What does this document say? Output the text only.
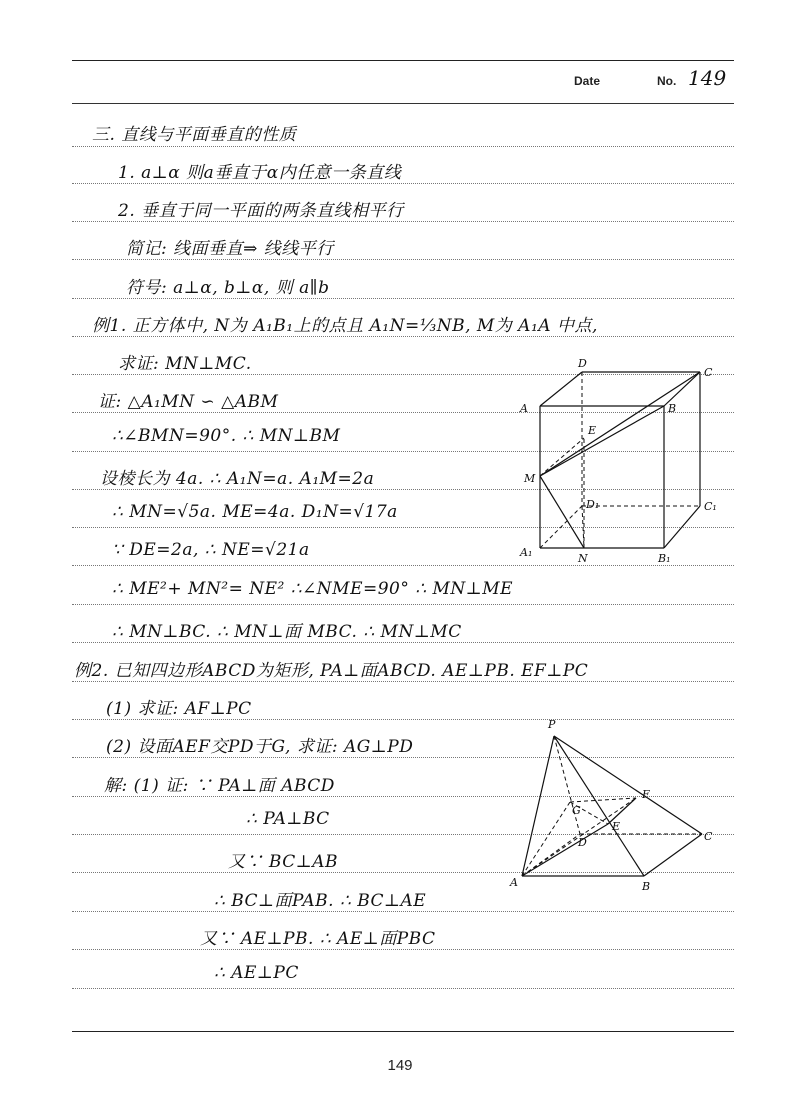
Date	No. 149
三. 直线与平面垂直的性质
1. a⊥α 则a垂直于α内任意一条直线
2. 垂直于同一平面的两条直线相平行
简记: 线面垂直⇒ 线线平行
符号: a⊥α, b⊥α, 则 a∥b
例1. 正方体中, N为 A₁B₁上的点且 A₁N=⅓NB, M为 A₁A 中点,
求证: MN⊥MC.
证: △A₁MN ∽ △ABM
∴∠BMN=90°. ∴ MN⊥BM
设棱长为 4a. ∴ A₁N=a. A₁M=2a
∴ MN=√5a. ME=4a. D₁N=√17a
∵ DE=2a, ∴ NE=√21a
∴ ME²+ MN²= NE² ∴∠NME=90° ∴ MN⊥ME
∴ MN⊥BC. ∴ MN⊥面 MBC. ∴ MN⊥MC
例2. 已知四边形ABCD为矩形, PA⊥面ABCD. AE⊥PB. EF⊥PC
(1) 求证: AF⊥PC
(2) 设面AEF交PD于G, 求证: AG⊥PD
解: (1) 证: ∵ PA⊥面 ABCD
∴ PA⊥BC
又∵ BC⊥AB
∴ BC⊥面PAB. ∴ BC⊥AE
又∵ AE⊥PB. ∴ AE⊥面PBC
∴ AE⊥PC
D
C
A	B
E
M
D₁	C₁
A₁	N	B₁
P
G
F
E
D	C
A	B
149
